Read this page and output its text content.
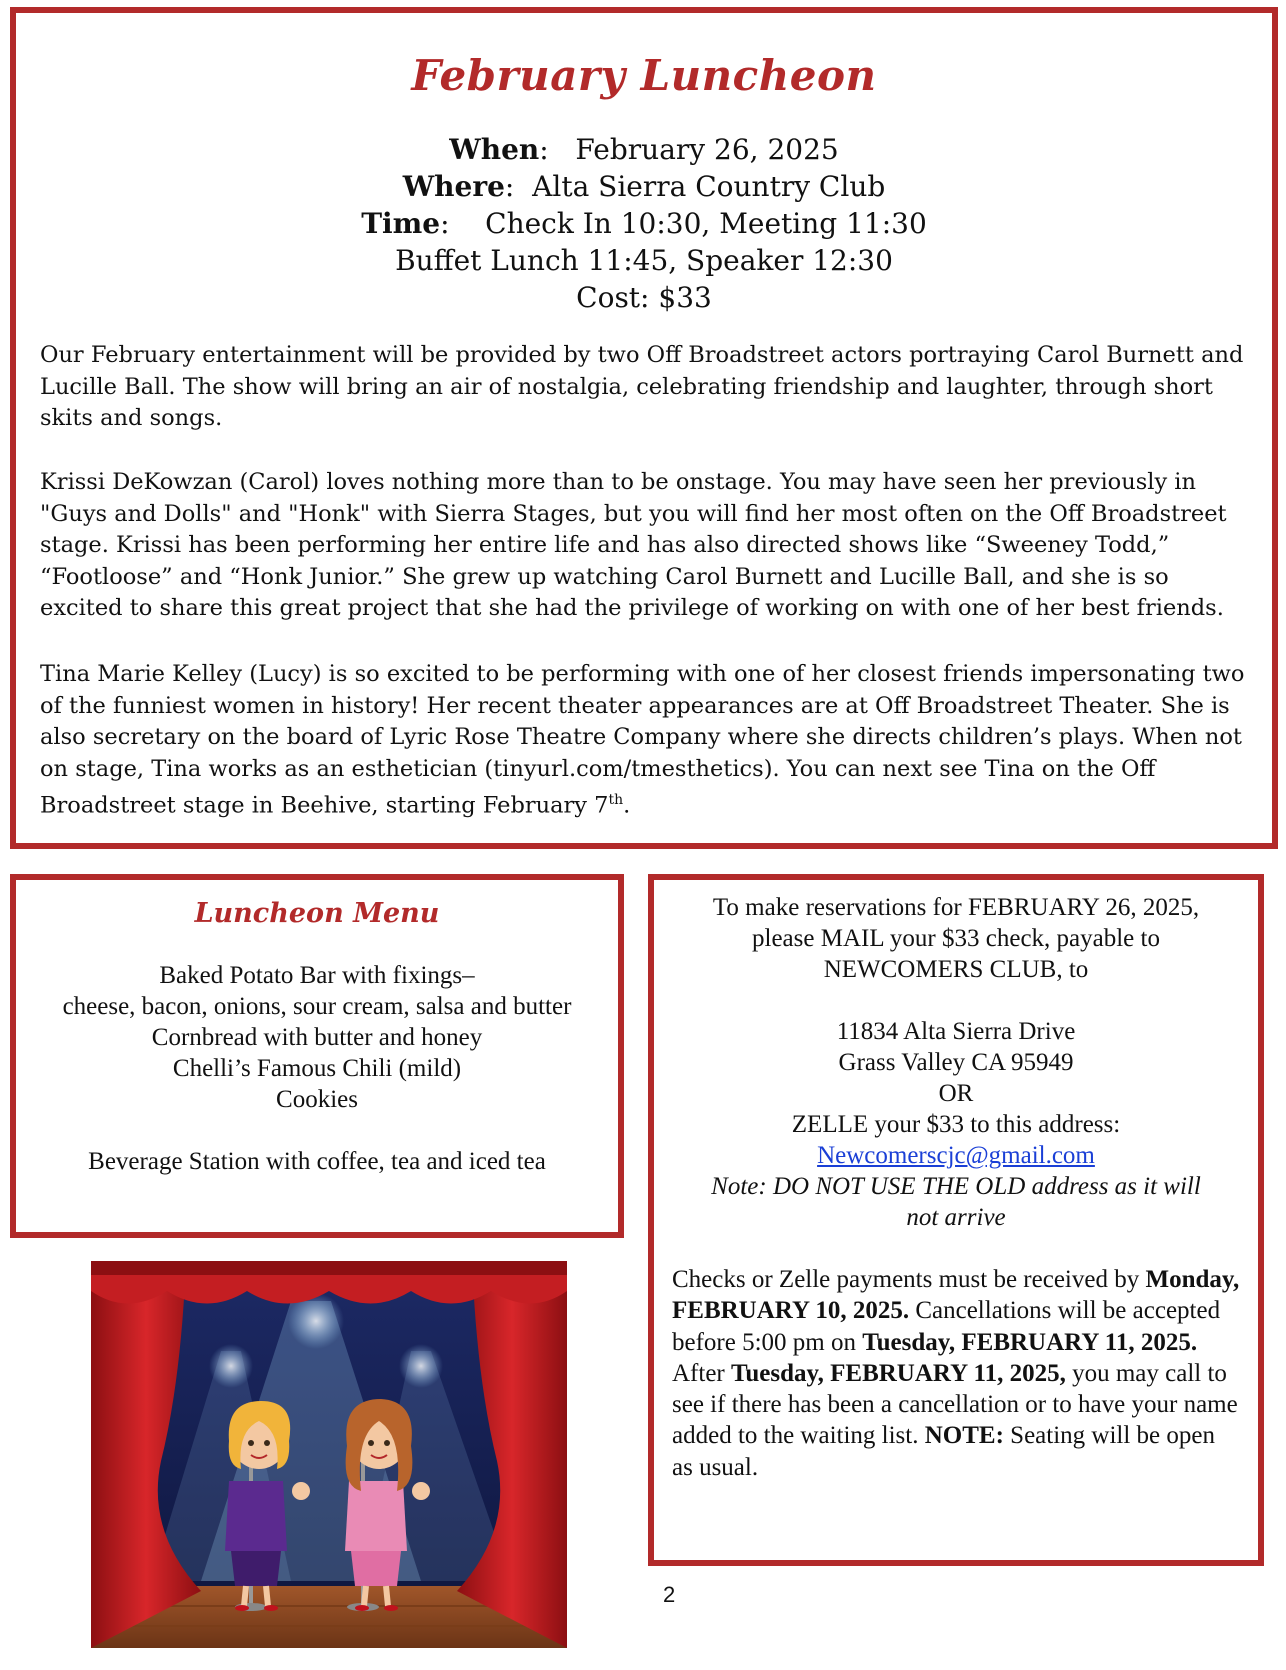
February Luncheon
When:   February 26, 2025
Where:  Alta Sierra Country Club
Time:    Check In 10:30, Meeting 11:30
Buffet Lunch 11:45, Speaker 12:30
Cost: $33

Our February entertainment will be provided by two Off Broadstreet actors portraying Carol Burnett and Lucille Ball. The show will bring an air of nostalgia, celebrating friendship and laughter, through short skits and songs.

Krissi DeKowzan (Carol) loves nothing more than to be onstage. You may have seen her previously in "Guys and Dolls" and "Honk" with Sierra Stages, but you will find her most often on the Off Broadstreet stage. Krissi has been performing her entire life and has also directed shows like “Sweeney Todd,” “Footloose” and “Honk Junior.” She grew up watching Carol Burnett and Lucille Ball, and she is so excited to share this great project that she had the privilege of working on with one of her best friends.

Tina Marie Kelley (Lucy) is so excited to be performing with one of her closest friends impersonating two of the funniest women in history! Her recent theater appearances are at Off Broadstreet Theater. She is also secretary on the board of Lyric Rose Theatre Company where she directs children’s plays. When not on stage, Tina works as an esthetician (tinyurl.com/tmesthetics). You can next see Tina on the Off Broadstreet stage in Beehive, starting February 7th.

Luncheon Menu
Baked Potato Bar with fixings–
cheese, bacon, onions, sour cream, salsa and butter
Cornbread with butter and honey
Chelli’s Famous Chili (mild)
Cookies
Beverage Station with coffee, tea and iced tea
To make reservations for FEBRUARY 26, 2025,
please MAIL your $33 check, payable to
NEWCOMERS CLUB, to
11834 Alta Sierra Drive
Grass Valley CA 95949
OR
ZELLE your $33 to this address:
Newcomerscjc@gmail.com
Note: DO NOT USE THE OLD address as it will
not arrive
Checks or Zelle payments must be received by Monday, FEBRUARY 10, 2025. Cancellations will be accepted before 5:00 pm on Tuesday, FEBRUARY 11, 2025. After Tuesday, FEBRUARY 11, 2025, you may call to see if there has been a cancellation or to have your name added to the waiting list. NOTE: Seating will be open as usual.
2
